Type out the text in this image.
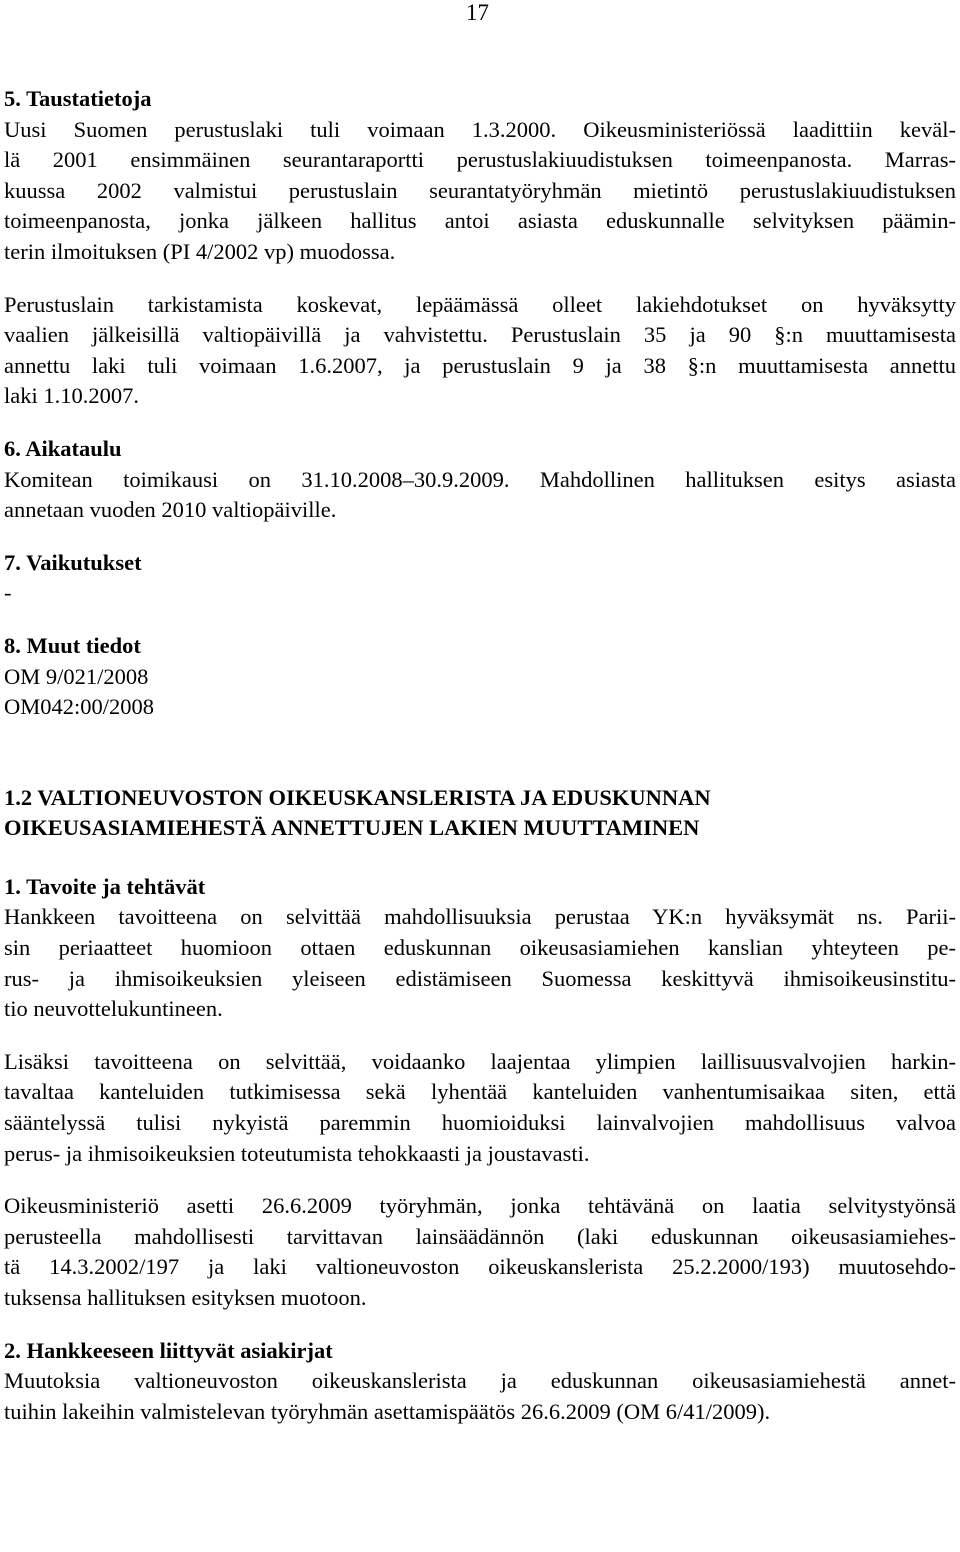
17

5. Taustatietoja

Uusi Suomen perustuslaki tuli voimaan 1.3.2000. Oikeusministeriössä laadittiin keväl-
lä 2001 ensimmäinen seurantaraportti perustuslakiuudistuksen toimeenpanosta. Marras-
kuussa 2002 valmistui perustuslain seurantatyöryhmän mietintö perustuslakiuudistuksen
toimeenpanosta, jonka jälkeen hallitus antoi asiasta eduskunnalle selvityksen päämin-
terin ilmoituksen (PI 4/2002 vp) muodossa.
Perustuslain tarkistamista koskevat, lepäämässä olleet lakiehdotukset on hyväksytty
vaalien jälkeisillä valtiopäivillä ja vahvistettu. Perustuslain 35 ja 90 §:n muuttamisesta
annettu laki tuli voimaan 1.6.2007, ja perustuslain 9 ja 38 §:n muuttamisesta annettu
laki 1.10.2007.

6. Aikataulu

Komitean toimikausi on 31.10.2008–30.9.2009. Mahdollinen hallituksen esitys asiasta
annetaan vuoden 2010 valtiopäiville.

7. Vaikutukset

-

8. Muut tiedot

OM 9/021/2008
OM042:00/2008

1.2 VALTIONEUVOSTON OIKEUSKANSLERISTA JA EDUSKUNNAN
OIKEUSASIAMIEHESTÄ ANNETTUJEN LAKIEN MUUTTAMINEN

1. Tavoite ja tehtävät

Hankkeen tavoitteena on selvittää mahdollisuuksia perustaa YK:n hyväksymät ns. Parii-
sin periaatteet huomioon ottaen eduskunnan oikeusasiamiehen kanslian yhteyteen pe-
rus- ja ihmisoikeuksien yleiseen edistämiseen Suomessa keskittyvä ihmisoikeusinstitu-
tio neuvottelukuntineen.
Lisäksi tavoitteena on selvittää, voidaanko laajentaa ylimpien laillisuusvalvojien harkin-
tavaltaa kanteluiden tutkimisessa sekä lyhentää kanteluiden vanhentumisaikaa siten, että
sääntelyssä tulisi nykyistä paremmin huomioiduksi lainvalvojien mahdollisuus valvoa
perus- ja ihmisoikeuksien toteutumista tehokkaasti ja joustavasti.
Oikeusministeriö asetti 26.6.2009 työryhmän, jonka tehtävänä on laatia selvitystyönsä
perusteella mahdollisesti tarvittavan lainsäädännön (laki eduskunnan oikeusasiamiehes-
tä 14.3.2002/197 ja laki valtioneuvoston oikeuskanslerista 25.2.2000/193) muutosehdo-
tuksensa hallituksen esityksen muotoon.

2. Hankkeeseen liittyvät asiakirjat

Muutoksia valtioneuvoston oikeuskanslerista ja eduskunnan oikeusasiamiehestä annet-
tuihin lakeihin valmistelevan työryhmän asettamispäätös 26.6.2009 (OM 6/41/2009).
